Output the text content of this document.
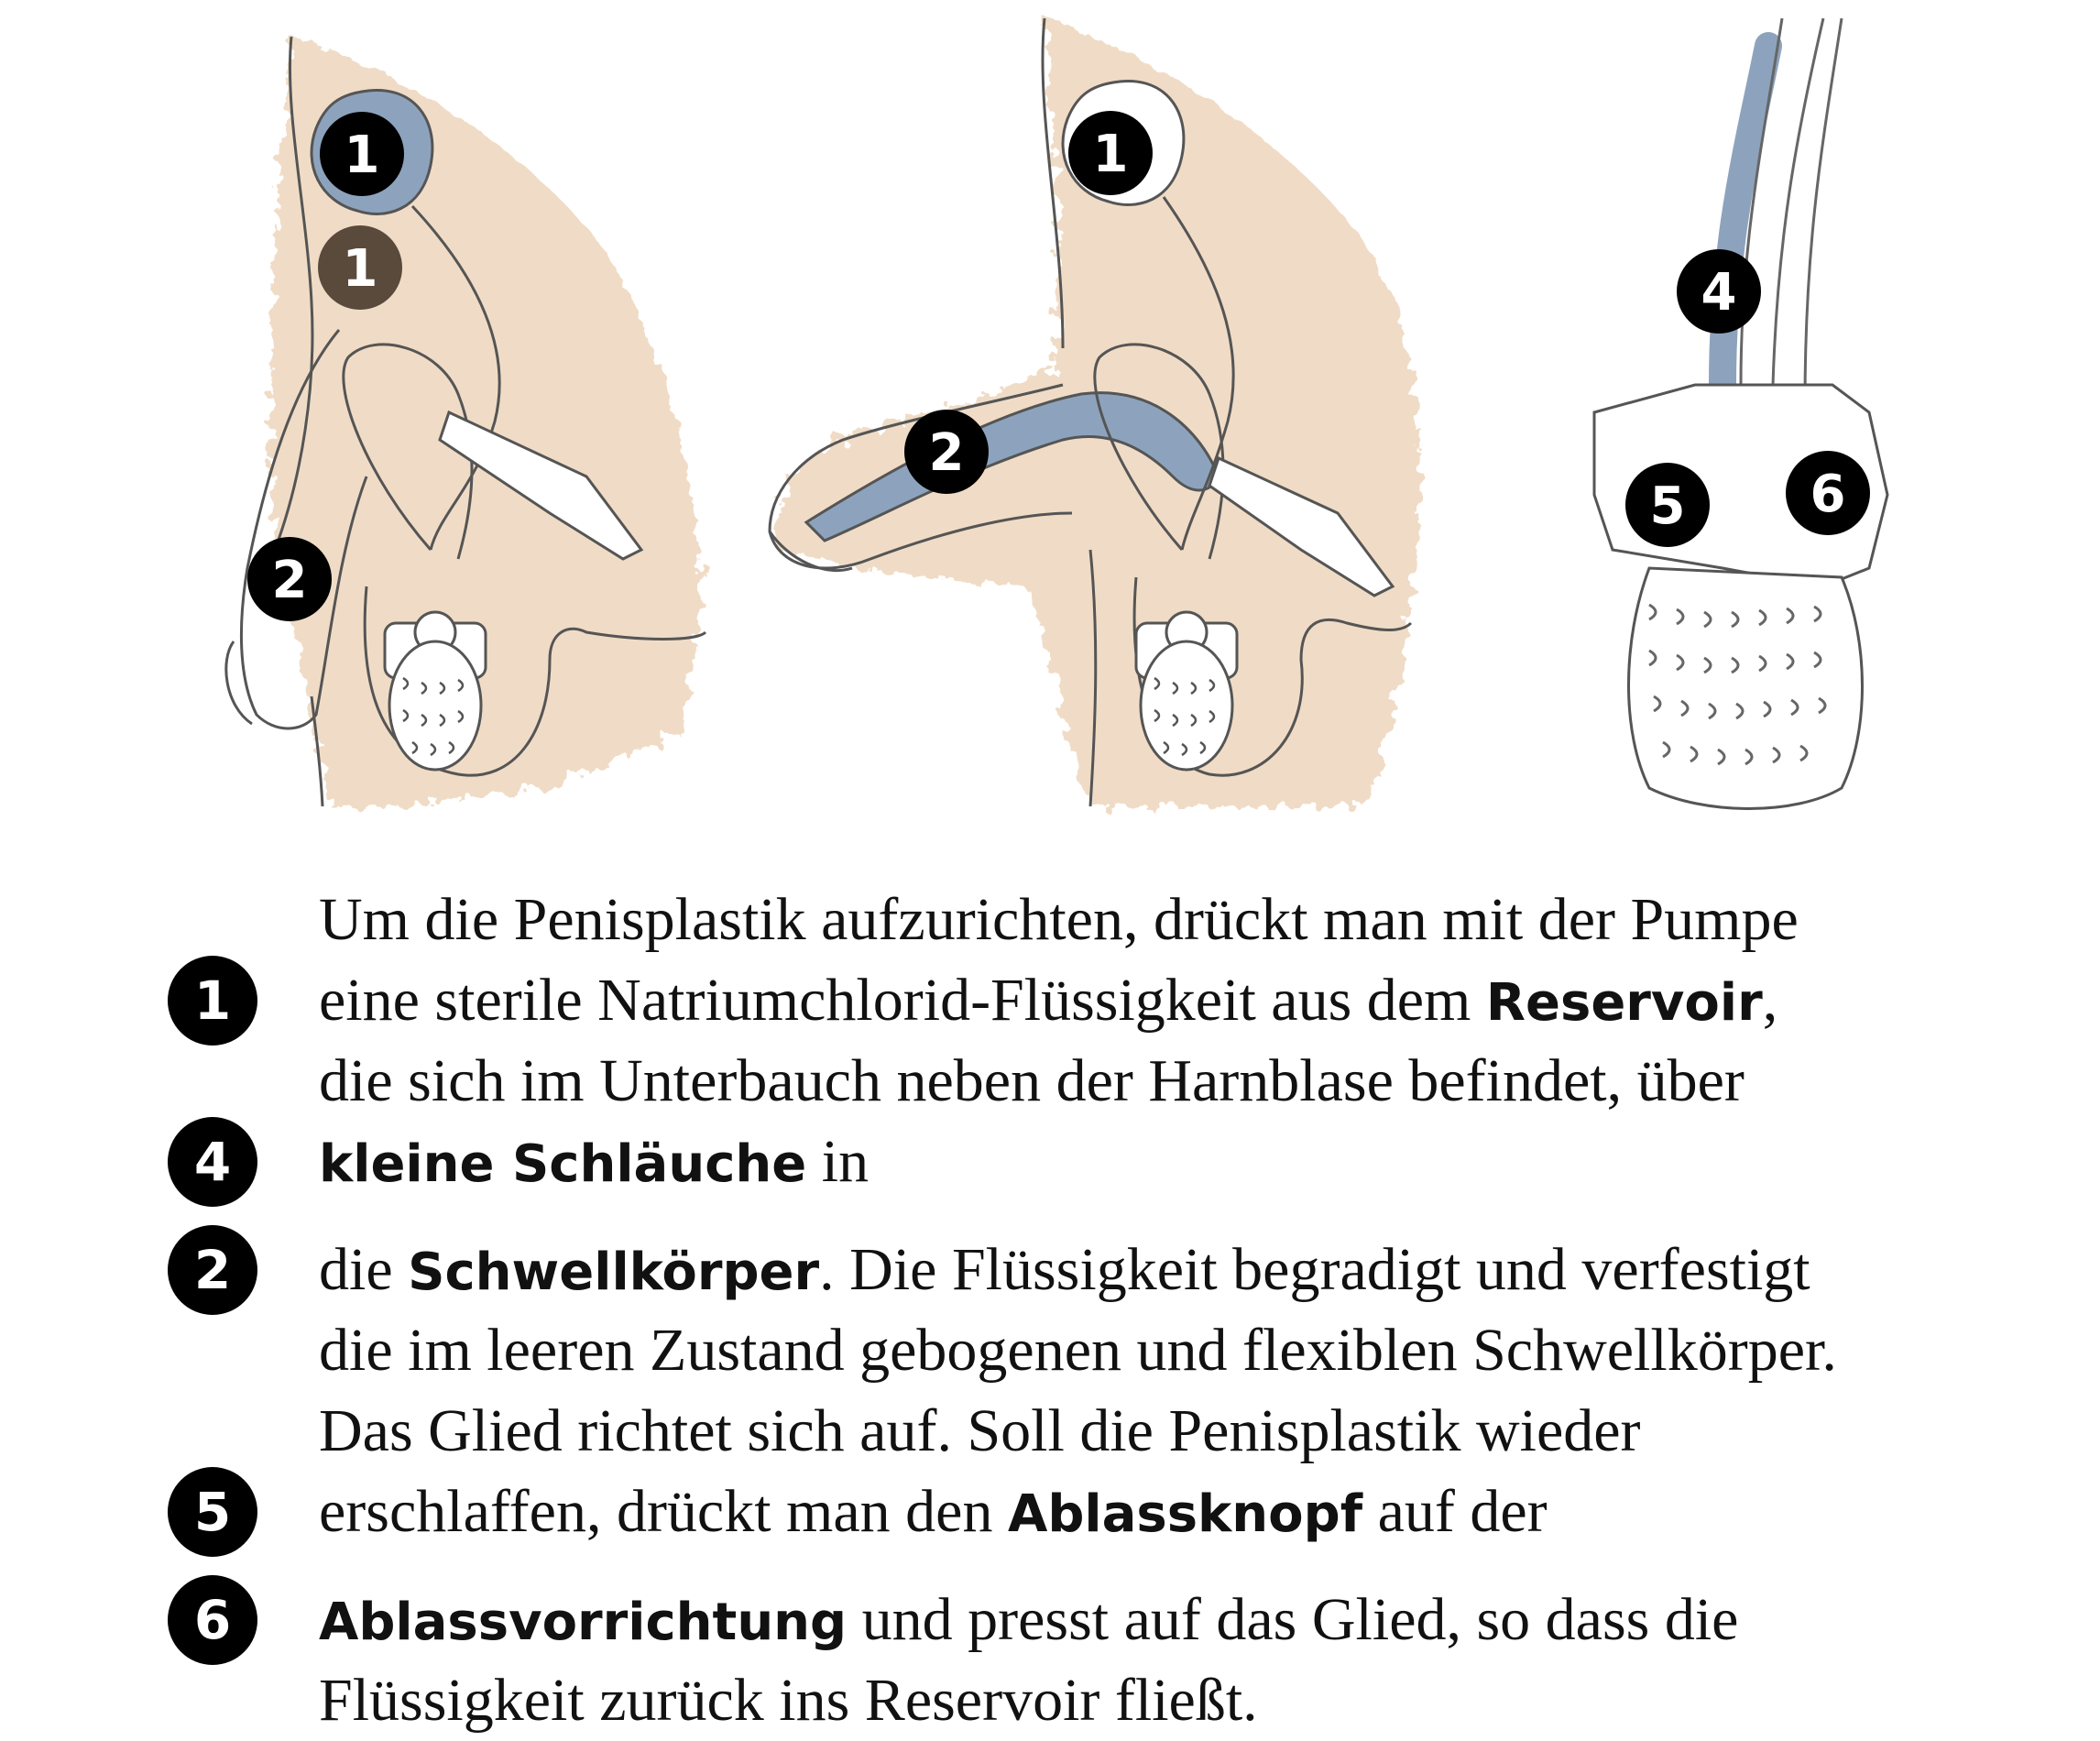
1
1
2
1
2
4
5 6
Um die Penisplastik aufzurichten, drückt man mit der Pumpe
eine sterile Natriumchlorid-Flüssigkeit aus dem Reservoir,
1
die sich im Unterbauch neben der Harnblase befindet, über
kleine Schläuche in
4
die Schwellkörper. Die Flüssigkeit begradigt und verfestigt
2
die im leeren Zustand gebogenen und flexiblen Schwellkörper.
Das Glied richtet sich auf. Soll die Penisplastik wieder
erschlaffen, drückt man den Ablassknopf auf der
5
Ablassvorrichtung und presst auf das Glied, so dass die
6
Flüssigkeit zurück ins Reservoir fließt.
